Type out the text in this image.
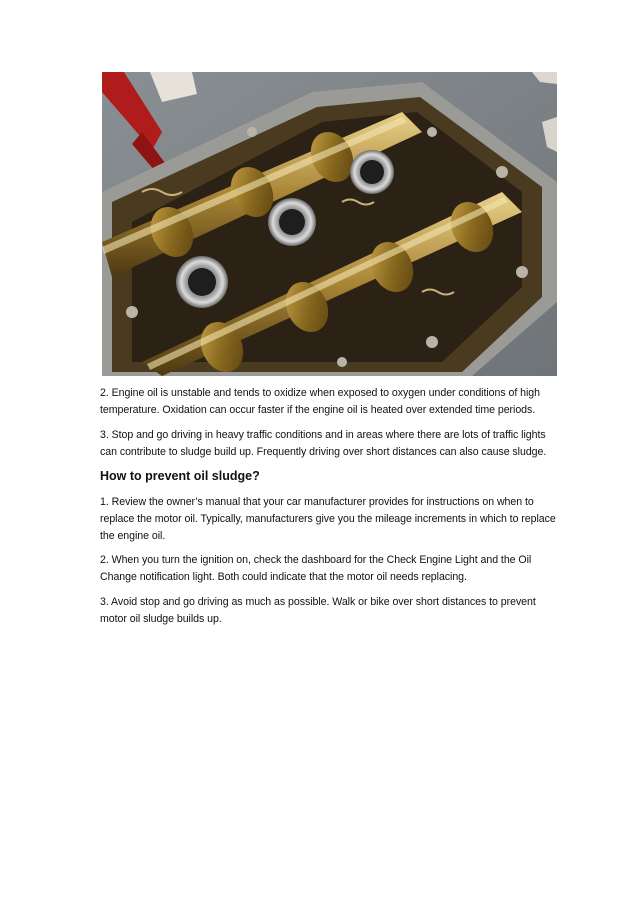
2. Engine oil is unstable and tends to oxidize when exposed to oxygen under conditions of high temperature. Oxidation can occur faster if the engine oil is heated over extended time periods.
3. Stop and go driving in heavy traffic conditions and in areas where there are lots of traffic lights can contribute to sludge build up. Frequently driving over short distances can also cause sludge.
How to prevent oil sludge?
1. Review the owner’s manual that your car manufacturer provides for instructions on when to replace the motor oil. Typically, manufacturers give you the mileage increments in which to replace the engine oil.
2. When you turn the ignition on, check the dashboard for the Check Engine Light and the Oil Change notification light. Both could indicate that the motor oil needs replacing.
3. Avoid stop and go driving as much as possible. Walk or bike over short distances to prevent motor oil sludge builds up.
